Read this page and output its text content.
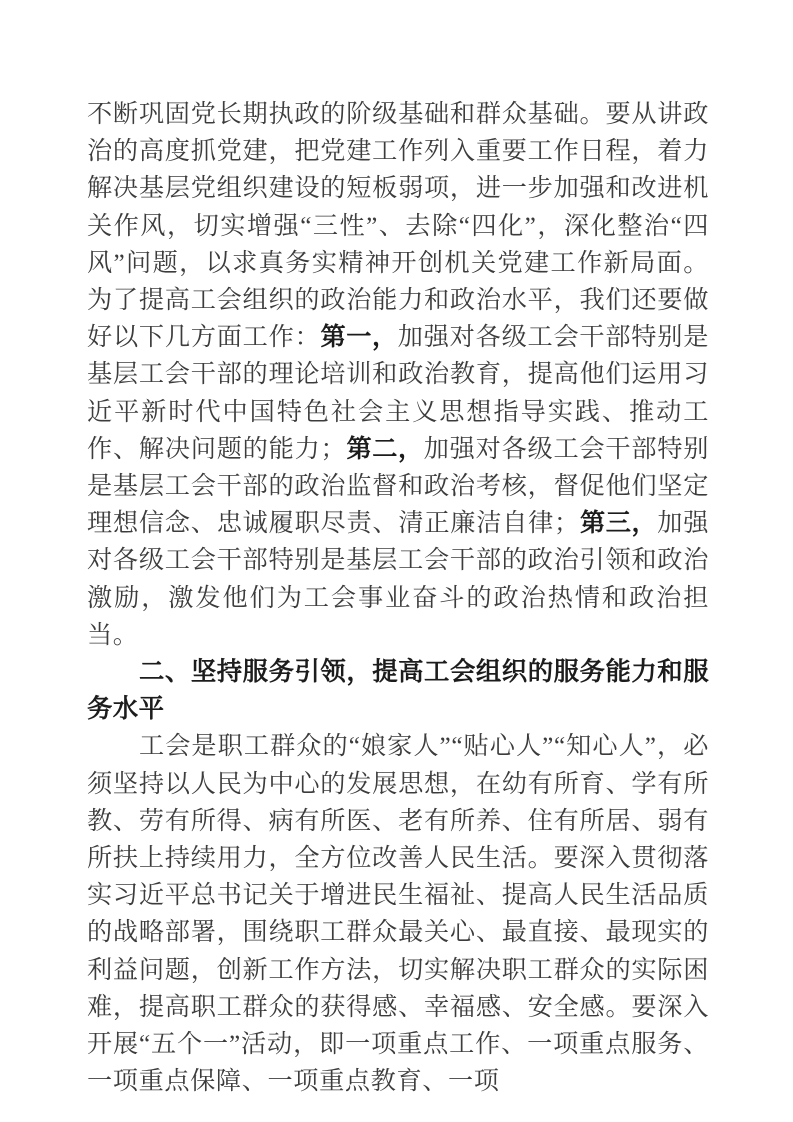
不断巩固党长期执政的阶级基础和群众基础。要从讲政治的高度抓党建，把党建工作列入重要工作日程，着力解决基层党组织建设的短板弱项，进一步加强和改进机关作风，切实增强“三性”、去除“四化”，深化整治“四风”问题，以求真务实精神开创机关党建工作新局面。为了提高工会组织的政治能力和政治水平，我们还要做好以下几方面工作：第一，加强对各级工会干部特别是基层工会干部的理论培训和政治教育，提高他们运用习近平新时代中国特色社会主义思想指导实践、推动工作、解决问题的能力；第二，加强对各级工会干部特别是基层工会干部的政治监督和政治考核，督促他们坚定理想信念、忠诚履职尽责、清正廉洁自律；第三，加强对各级工会干部特别是基层工会干部的政治引领和政治激励，激发他们为工会事业奋斗的政治热情和政治担当。

二、坚持服务引领，提高工会组织的服务能力和服务水平

工会是职工群众的“娘家人”“贴心人”“知心人”，必须坚持以人民为中心的发展思想，在幼有所育、学有所教、劳有所得、病有所医、老有所养、住有所居、弱有所扶上持续用力，全方位改善人民生活。要深入贯彻落实习近平总书记关于增进民生福祉、提高人民生活品质的战略部署，围绕职工群众最关心、最直接、最现实的利益问题，创新工作方法，切实解决职工群众的实际困难，提高职工群众的获得感、幸福感、安全感。要深入开展“五个一”活动，即一项重点工作、一项重点服务、一项重点保障、一项重点教育、一项
